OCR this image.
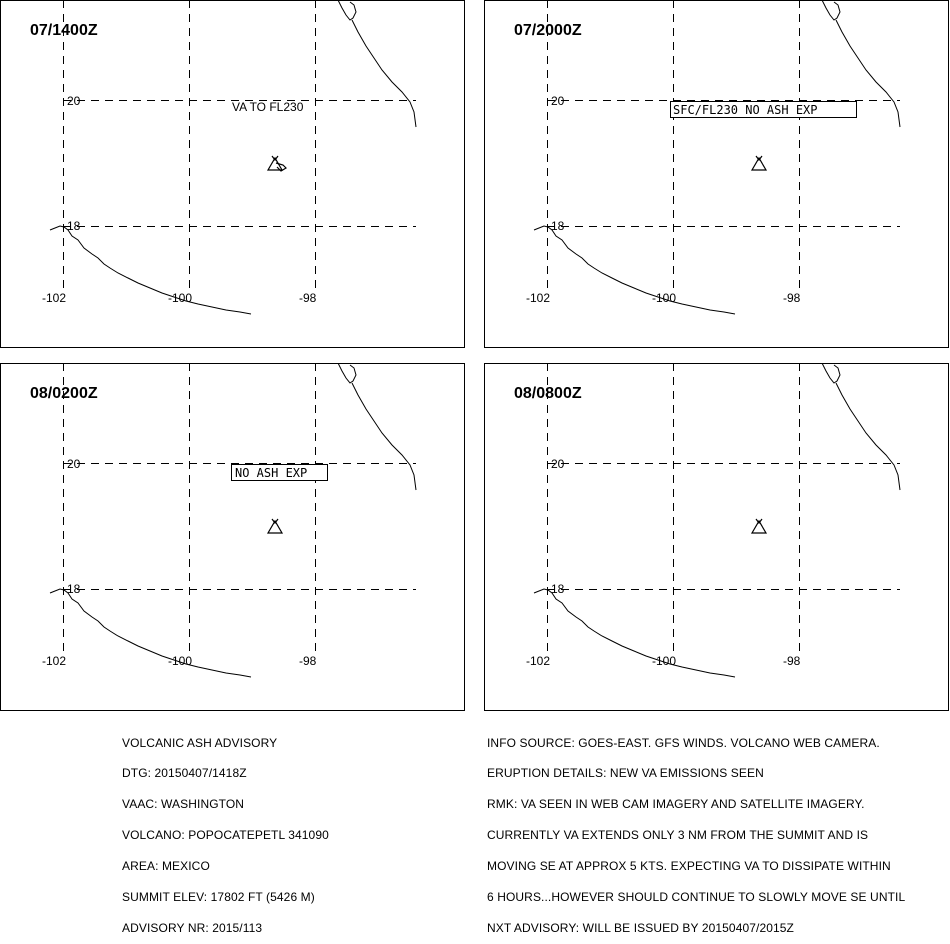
07/1400Z
20
18
-102	-100	-98
VA TO FL230
07/2000Z
20
18
-102	-100	-98
SFC/FL230 NO ASH EXP
08/0200Z
20
18
-102	-100	-98
NO ASH EXP
08/0800Z
20
18
-102	-100	-98

VOLCANIC ASH ADVISORY

DTG: 20150407/1418Z

VAAC: WASHINGTON

VOLCANO: POPOCATEPETL 341090

AREA: MEXICO

SUMMIT ELEV: 17802 FT (5426 M)

ADVISORY NR: 2015/113

INFO SOURCE: GOES-EAST. GFS WINDS. VOLCANO WEB CAMERA.

ERUPTION DETAILS: NEW VA EMISSIONS SEEN

RMK: VA SEEN IN WEB CAM IMAGERY AND SATELLITE IMAGERY.

CURRENTLY VA EXTENDS ONLY 3 NM FROM THE SUMMIT AND IS

MOVING SE AT APPROX 5 KTS. EXPECTING VA TO DISSIPATE WITHIN

6 HOURS...HOWEVER SHOULD CONTINUE TO SLOWLY MOVE SE UNTIL

NXT ADVISORY: WILL BE ISSUED BY 20150407/2015Z
